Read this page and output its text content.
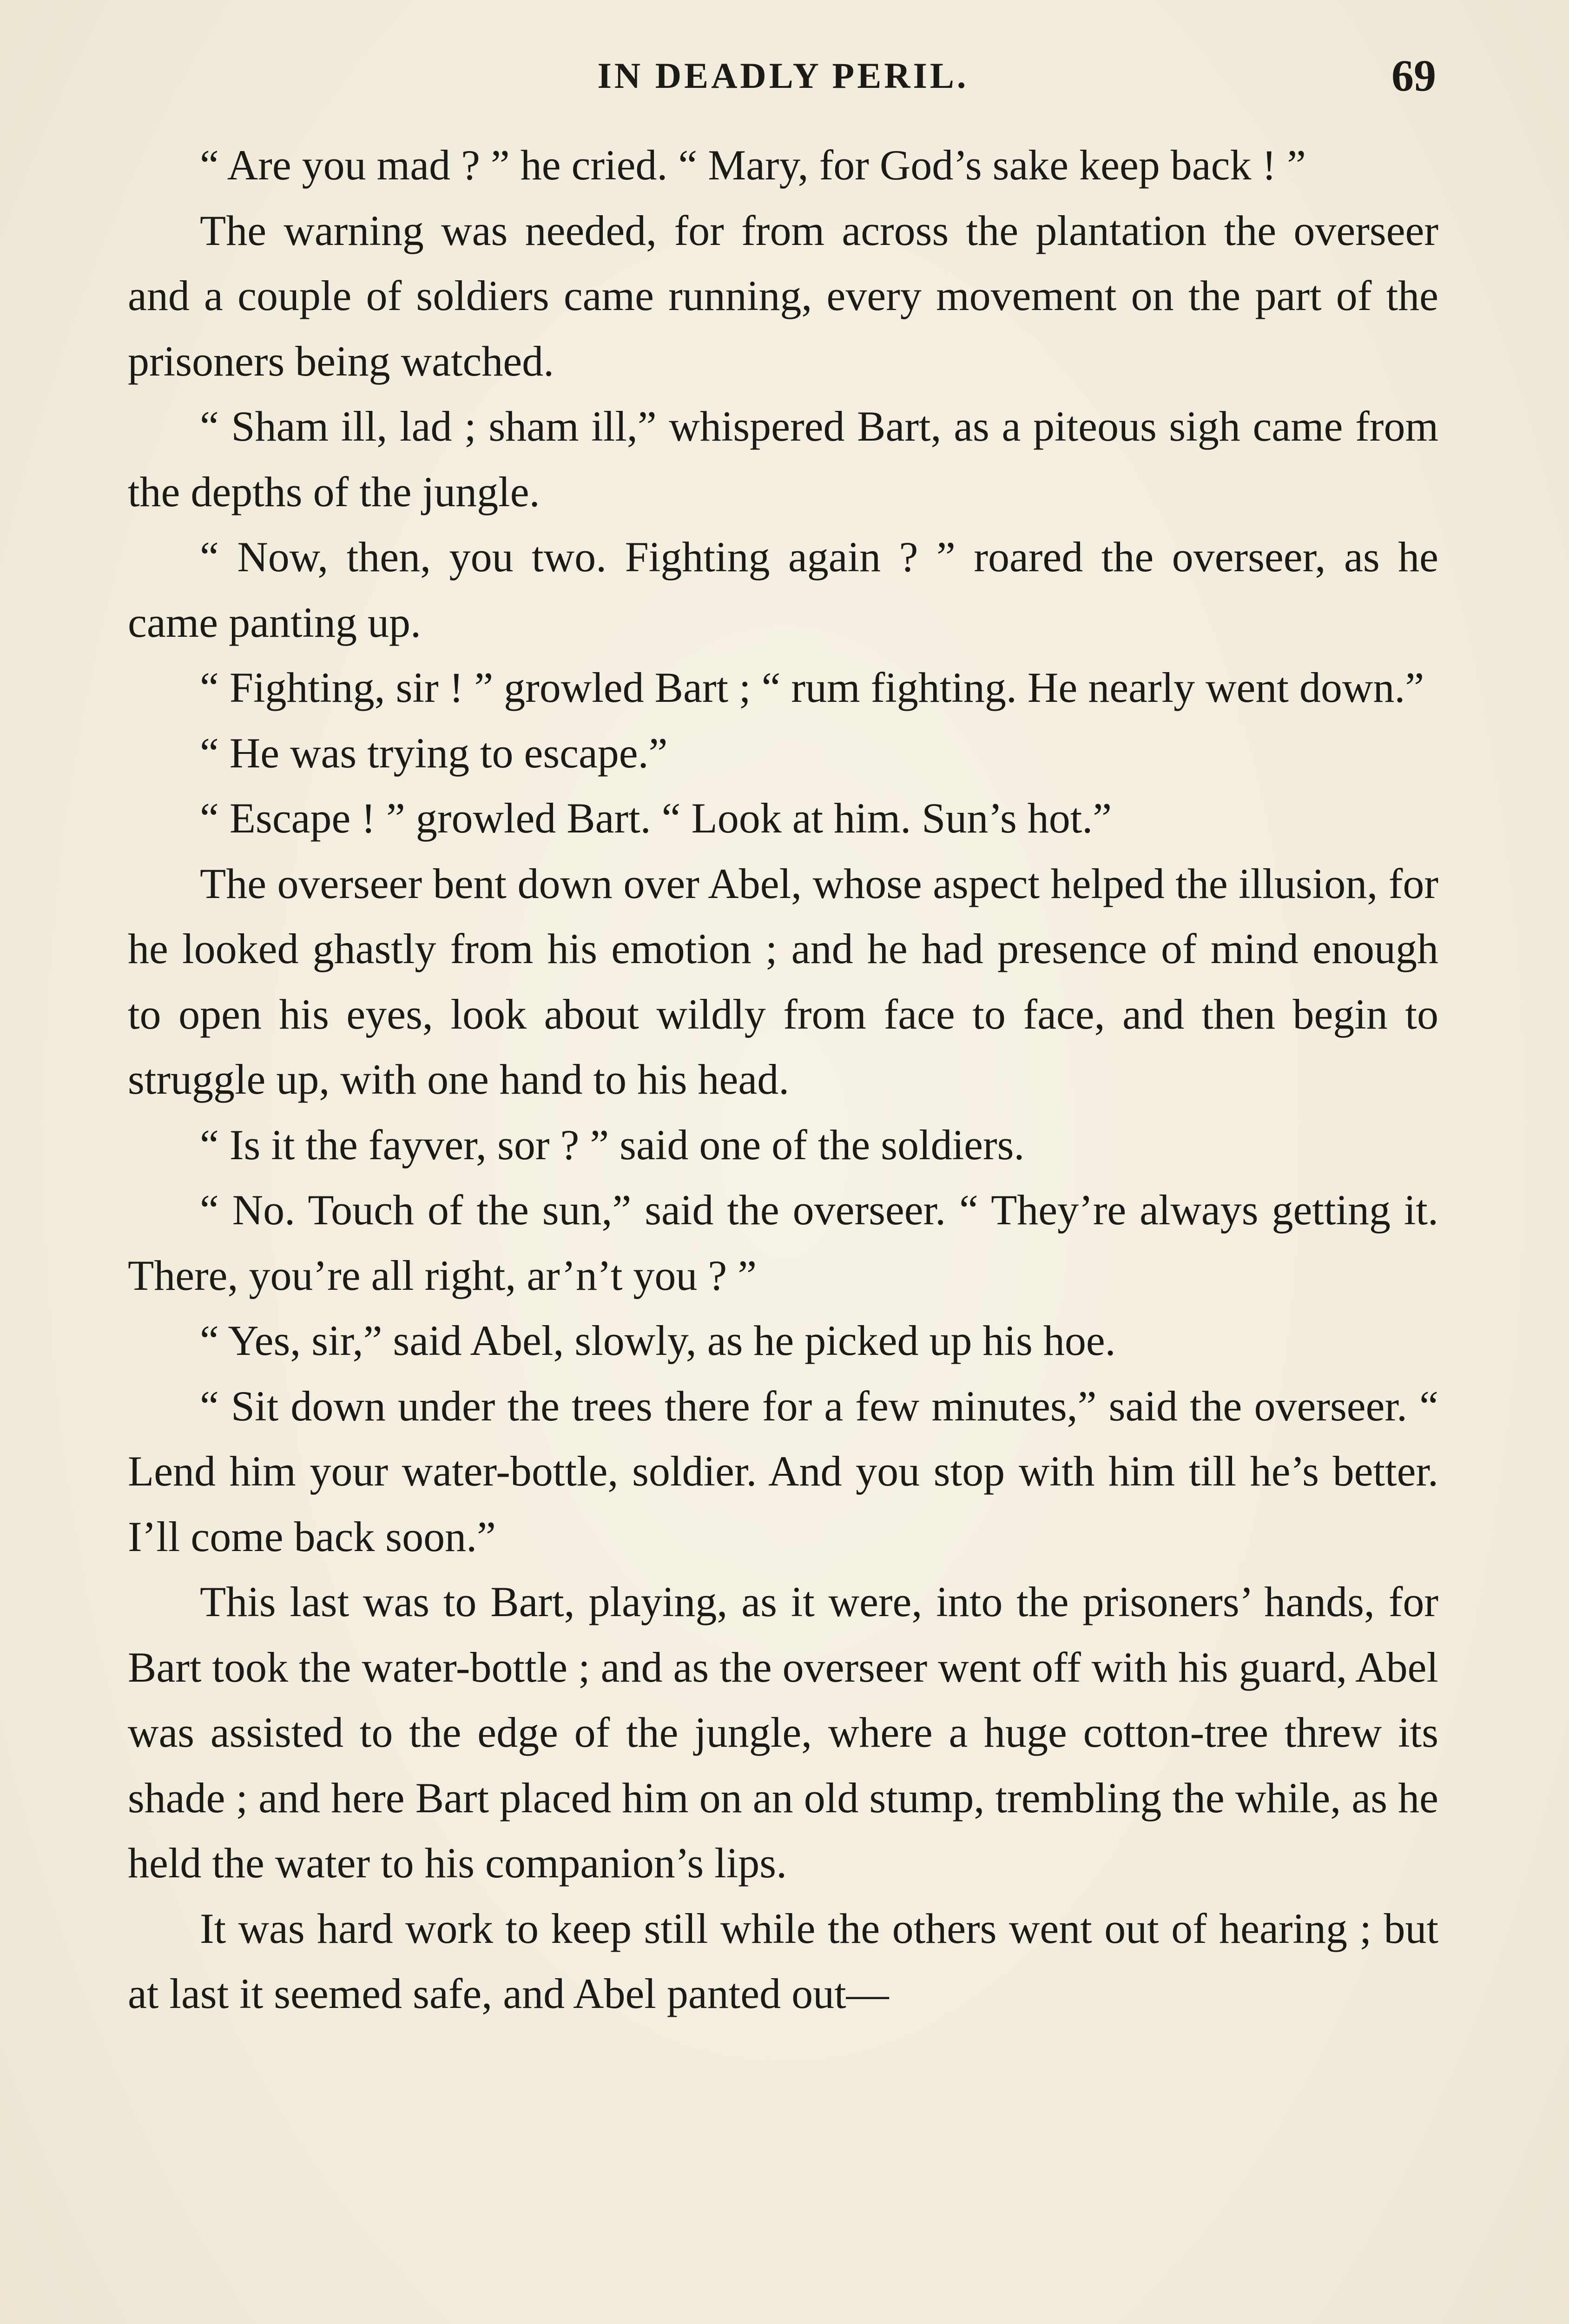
IN DEADLY PERIL.	69

“ Are you mad ? ” he cried. “ Mary, for God’s sake keep back ! ”

The warning was needed, for from across the plantation the overseer and a couple of soldiers came running, every movement on the part of the prisoners being watched.

“ Sham ill, lad ; sham ill,” whispered Bart, as a piteous sigh came from the depths of the jungle.

“ Now, then, you two. Fighting again ? ” roared the overseer, as he came panting up.

“ Fighting, sir ! ” growled Bart ; “ rum fighting. He nearly went down.”

“ He was trying to escape.”

“ Escape ! ” growled Bart. “ Look at him. Sun’s hot.”

The overseer bent down over Abel, whose aspect helped the illusion, for he looked ghastly from his emotion ; and he had presence of mind enough to open his eyes, look about wildly from face to face, and then begin to struggle up, with one hand to his head.

“ Is it the fayver, sor ? ” said one of the soldiers.

“ No. Touch of the sun,” said the overseer. “ They’re always getting it. There, you’re all right, ar’n’t you ? ”

“ Yes, sir,” said Abel, slowly, as he picked up his hoe.

“ Sit down under the trees there for a few minutes,” said the overseer. “ Lend him your water-bottle, soldier. And you stop with him till he’s better. I’ll come back soon.”

This last was to Bart, playing, as it were, into the prisoners’ hands, for Bart took the water-bottle ; and as the overseer went off with his guard, Abel was assisted to the edge of the jungle, where a huge cotton-tree threw its shade ; and here Bart placed him on an old stump, trembling the while, as he held the water to his companion’s lips.

It was hard work to keep still while the others went out of hearing ; but at last it seemed safe, and Abel panted out—
